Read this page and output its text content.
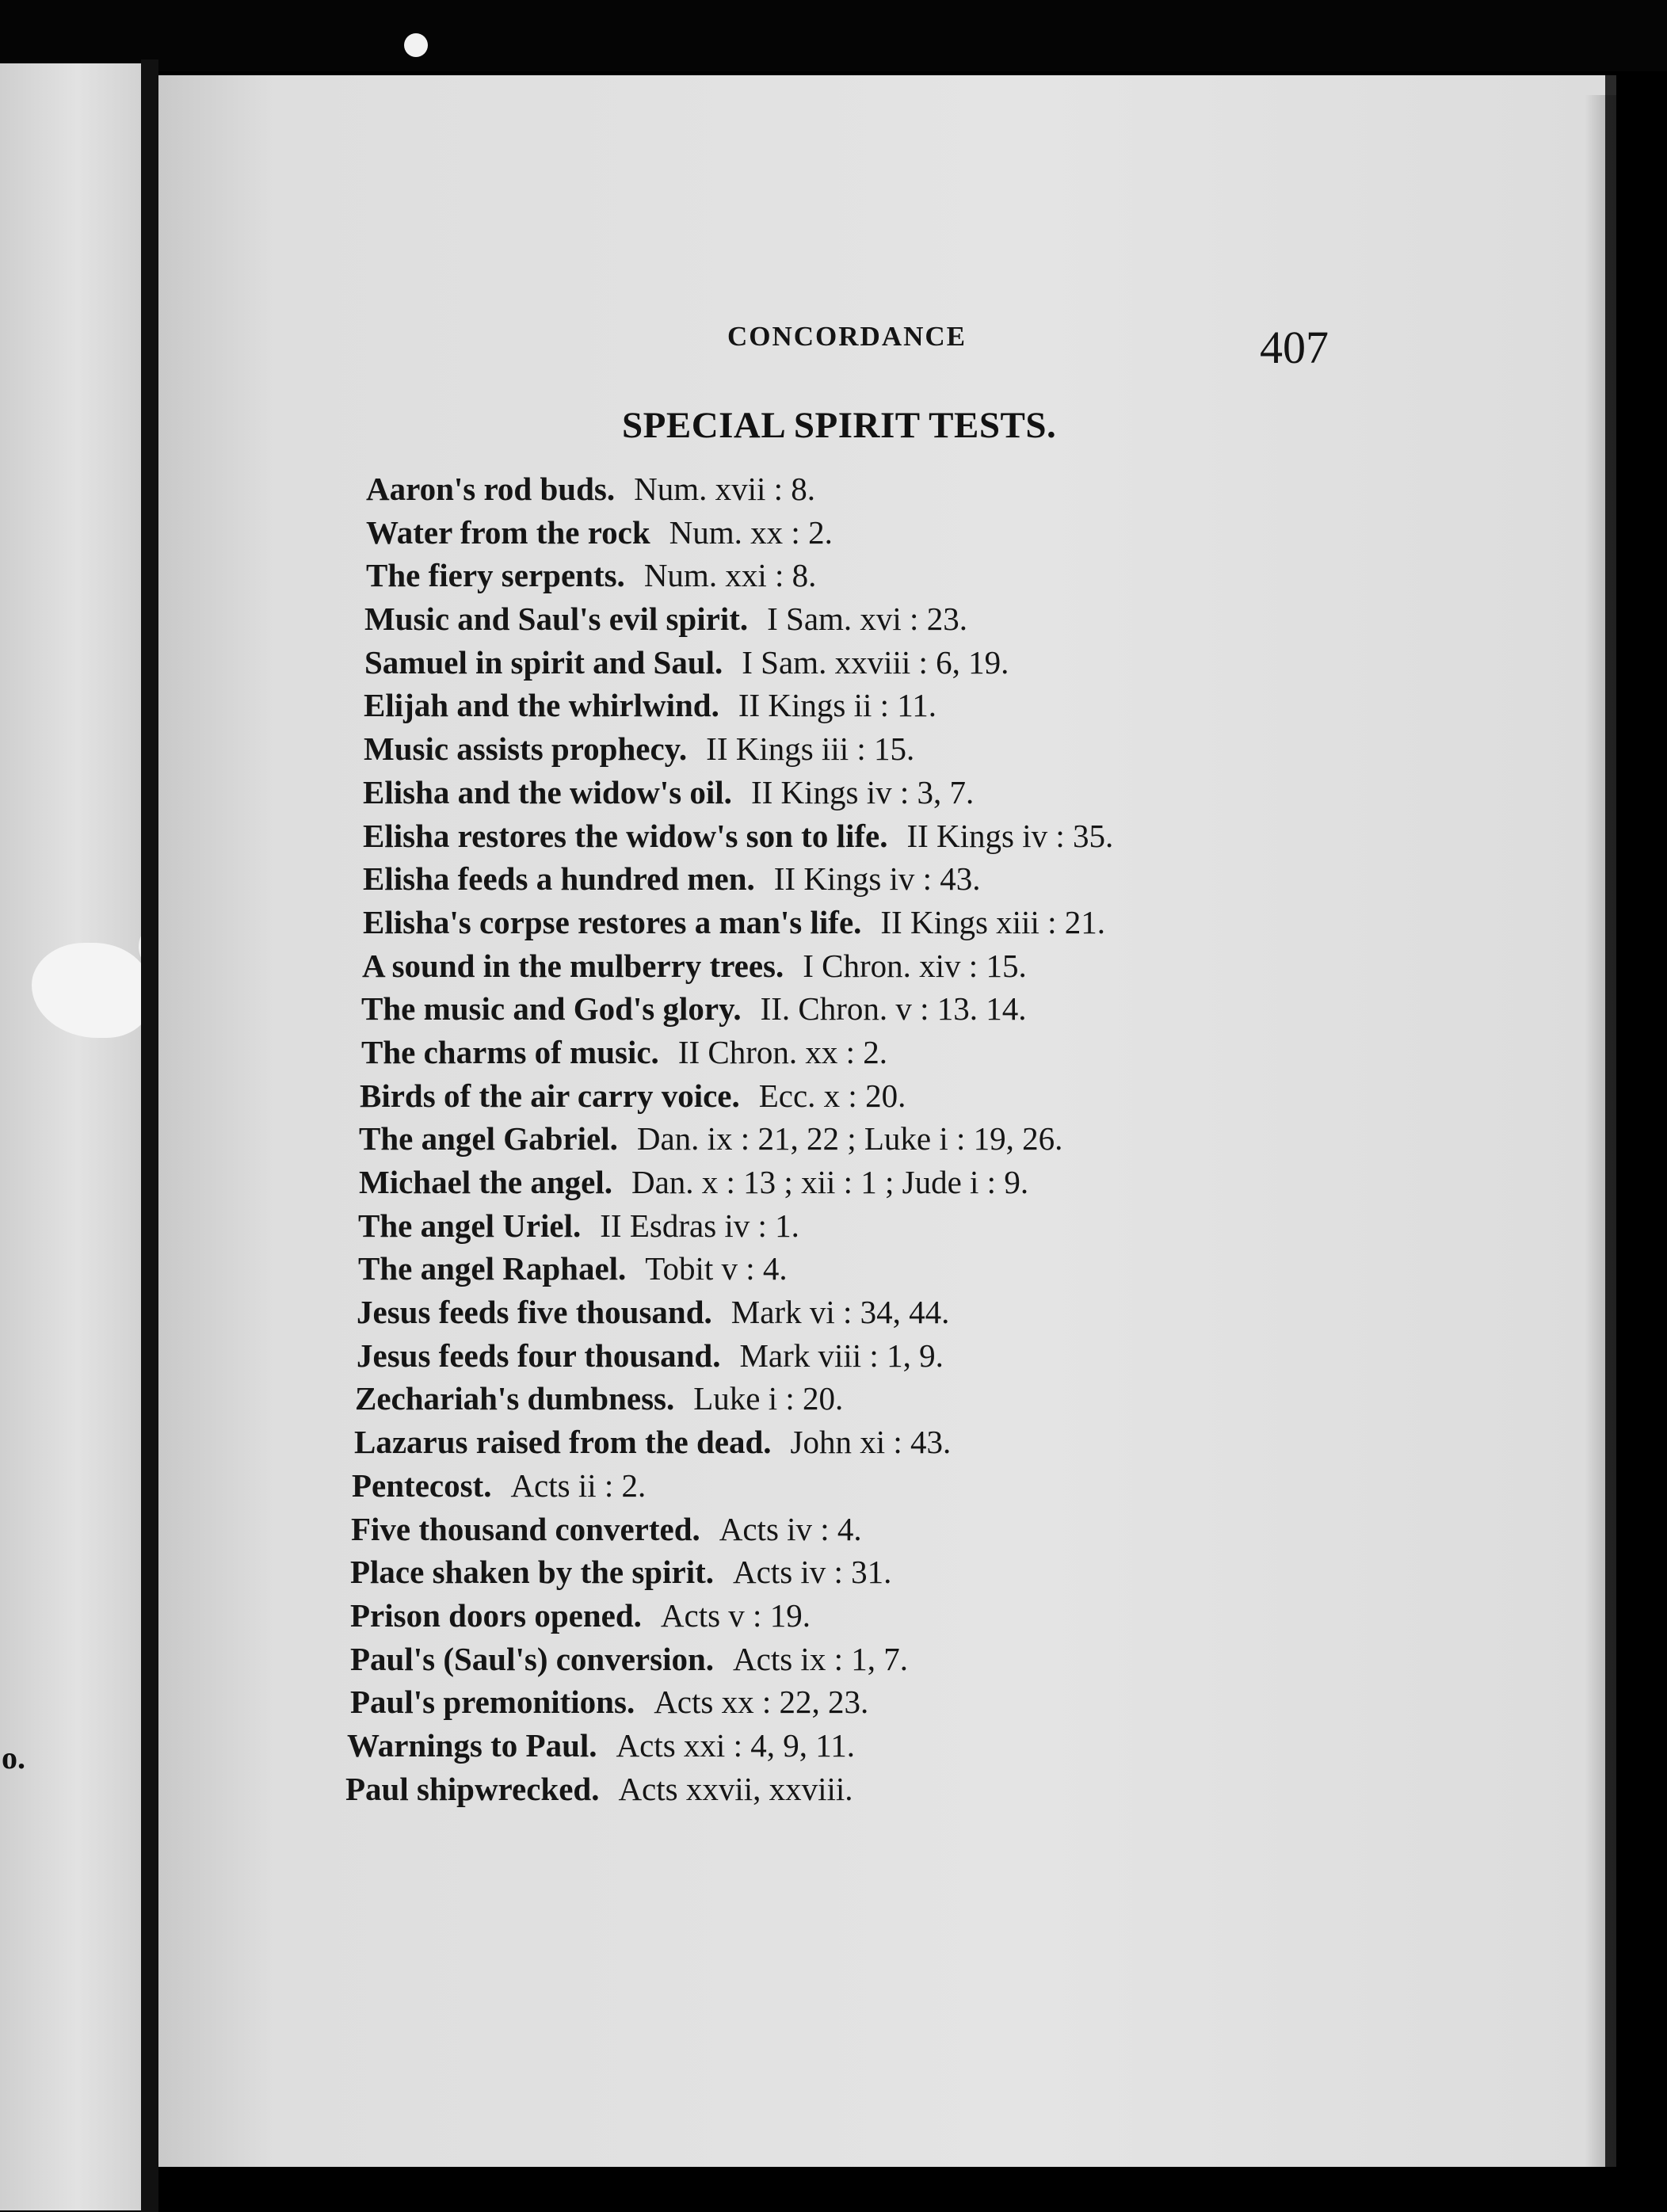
o.
CONCORDANCE	407
SPECIAL SPIRIT TESTS.
Aaron's rod buds. Num. xvii : 8.
Water from the rock Num. xx : 2.
The fiery serpents. Num. xxi : 8.
Music and Saul's evil spirit. I Sam. xvi : 23.
Samuel in spirit and Saul. I Sam. xxviii : 6, 19.
Elijah and the whirlwind. II Kings ii : 11.
Music assists prophecy. II Kings iii : 15.
Elisha and the widow's oil. II Kings iv : 3, 7.
Elisha restores the widow's son to life. II Kings iv : 35.
Elisha feeds a hundred men. II Kings iv : 43.
Elisha's corpse restores a man's life. II Kings xiii : 21.
A sound in the mulberry trees. I Chron. xiv : 15.
The music and God's glory. II. Chron. v : 13. 14.
The charms of music. II Chron. xx : 2.
Birds of the air carry voice. Ecc. x : 20.
The angel Gabriel. Dan. ix : 21, 22 ; Luke i : 19, 26.
Michael the angel. Dan. x : 13 ; xii : 1 ; Jude i : 9.
The angel Uriel. II Esdras iv : 1.
The angel Raphael. Tobit v : 4.
Jesus feeds five thousand. Mark vi : 34, 44.
Jesus feeds four thousand. Mark viii : 1, 9.
Zechariah's dumbness. Luke i : 20.
Lazarus raised from the dead. John xi : 43.
Pentecost. Acts ii : 2.
Five thousand converted. Acts iv : 4.
Place shaken by the spirit. Acts iv : 31.
Prison doors opened. Acts v : 19.
Paul's (Saul's) conversion. Acts ix : 1, 7.
Paul's premonitions. Acts xx : 22, 23.
Warnings to Paul. Acts xxi : 4, 9, 11.
Paul shipwrecked. Acts xxvii, xxviii.
